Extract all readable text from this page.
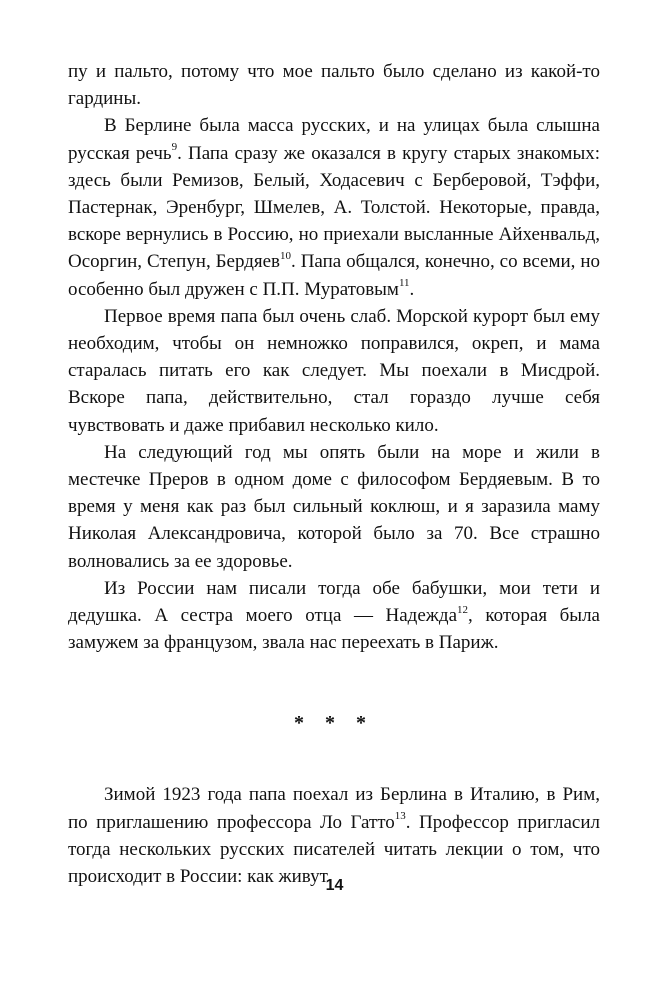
пу и пальто, потому что мое пальто было сделано из какой-то гардины.

В Берлине была масса русских, и на улицах была слышна русская речь$^9$. Папа сразу же оказался в кругу старых знакомых: здесь были Ремизов, Белый, Ходасевич с Берберовой, Тэффи, Пастернак, Эренбург, Шмелев, А. Толстой. Некоторые, правда, вскоре вернулись в Россию, но приехали высланные Айхенвальд, Осоргин, Степун, Бердяев$^{10}$. Папа общался, конечно, со всеми, но особенно был дружен с П.П. Муратовым$^{11}$.

Первое время папа был очень слаб. Морской курорт был ему необходим, чтобы он немножко поправился, окреп, и мама старалась питать его как следует. Мы поехали в Мисдрой. Вскоре папа, действительно, стал гораздо лучше себя чувствовать и даже прибавил несколько кило.

На следующий год мы опять были на море и жили в местечке Преров в одном доме с философом Бердяевым. В то время у меня как раз был сильный коклюш, и я заразила маму Николая Александровича, которой было за 70. Все страшно волновались за ее здоровье.

Из России нам писали тогда обе бабушки, мои тети и дедушка. А сестра моего отца — Надежда$^{12}$, которая была замужем за французом, звала нас переехать в Париж.

* * *

Зимой 1923 года папа поехал из Берлина в Италию, в Рим, по приглашению профессора Ло Гатто$^{13}$. Профессор пригласил тогда нескольких русских писателей читать лекции о том, что происходит в России: как живут

14
